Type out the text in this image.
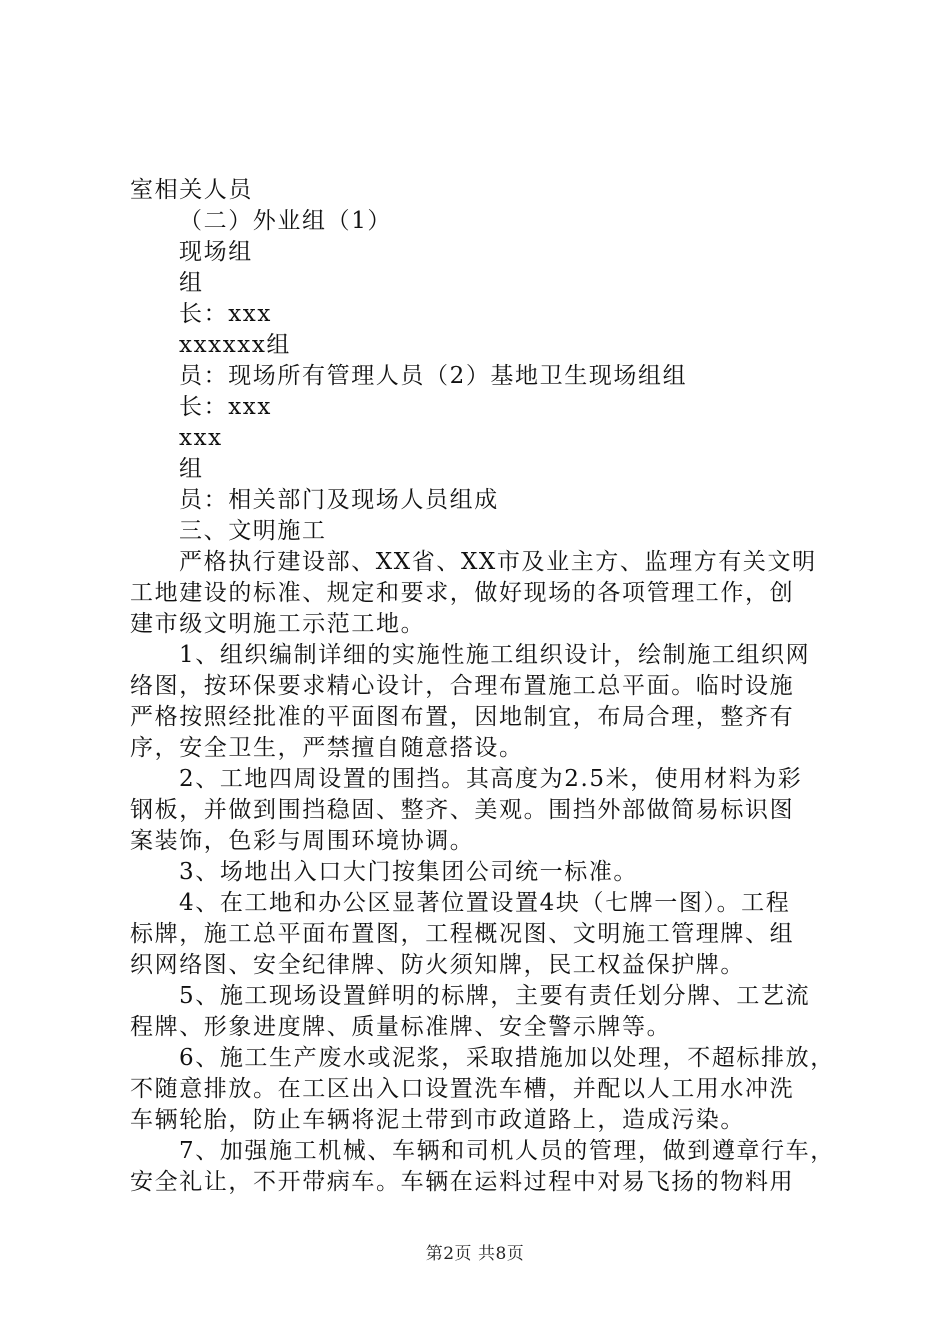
室相关人员
（二）外业组（1）
现场组
组
长：xxx
xxxxxx组
员：现场所有管理人员（2）基地卫生现场组组
长：xxx
xxx
组
员：相关部门及现场人员组成
三、文明施工
严格执行建设部、XX省、XX市及业主方、监理方有关文明
工地建设的标准、规定和要求，做好现场的各项管理工作，创
建市级文明施工示范工地。
1、组织编制详细的实施性施工组织设计，绘制施工组织网
络图，按环保要求精心设计，合理布置施工总平面。临时设施
严格按照经批准的平面图布置，因地制宜，布局合理，整齐有
序，安全卫生，严禁擅自随意搭设。
2、工地四周设置的围挡。其高度为2.5米，使用材料为彩
钢板，并做到围挡稳固、整齐、美观。围挡外部做简易标识图
案装饰，色彩与周围环境协调。
3、场地出入口大门按集团公司统一标准。
4、在工地和办公区显著位置设置4块（七牌一图）。工程
标牌，施工总平面布置图，工程概况图、文明施工管理牌、组
织网络图、安全纪律牌、防火须知牌，民工权益保护牌。
5、施工现场设置鲜明的标牌，主要有责任划分牌、工艺流
程牌、形象进度牌、质量标准牌、安全警示牌等。
6、施工生产废水或泥浆，采取措施加以处理，不超标排放，
不随意排放。在工区出入口设置洗车槽，并配以人工用水冲洗
车辆轮胎，防止车辆将泥土带到市政道路上，造成污染。
7、加强施工机械、车辆和司机人员的管理，做到遵章行车，
安全礼让，不开带病车。车辆在运料过程中对易飞扬的物料用
第2页 共8页
